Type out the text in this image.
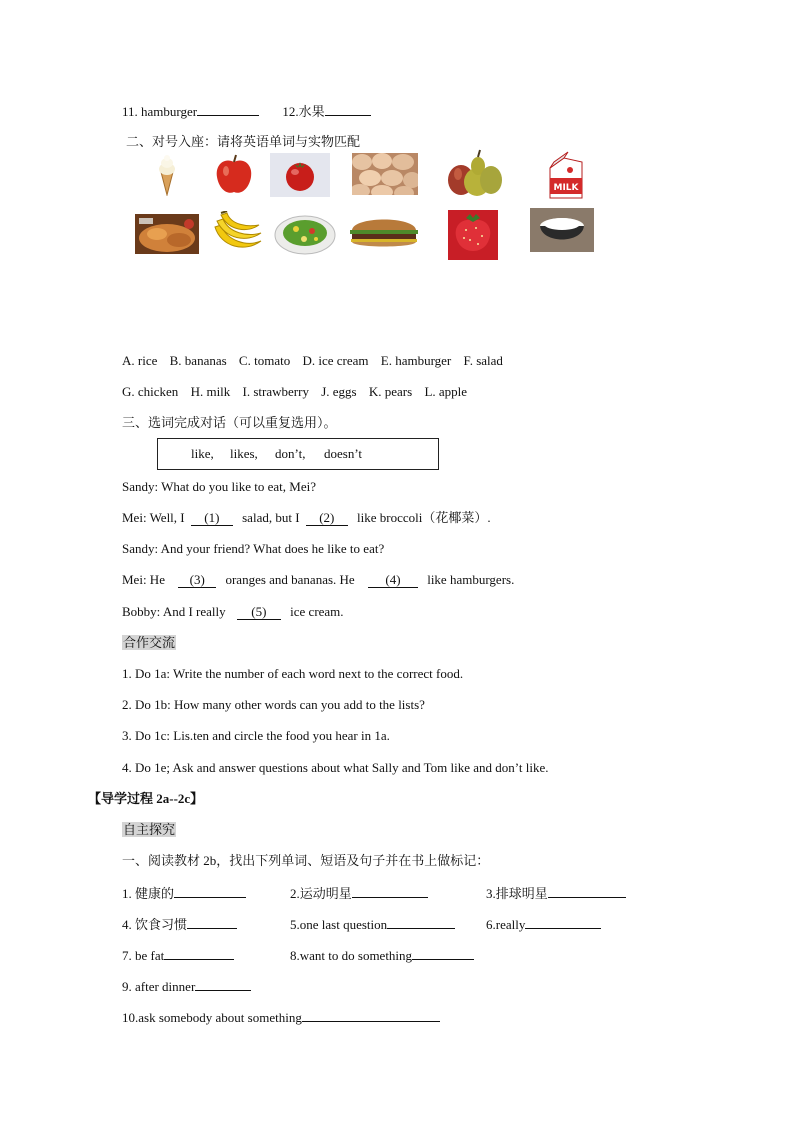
11. hamburger	12.水果
二、对号入座：请将英语单词与实物匹配
MILK
A. rice B. bananas C. tomato D. ice cream E. hamburger F. salad
G. chicken H. milk I. strawberry J. eggs K. pears L. apple
三、选词完成对话（可以重复选用）。
like, likes, don’t, doesn’t
Sandy: What do you like to eat, Mei?
Mei: Well, I (1) salad, but I (2) like broccoli（花椰菜）.
Sandy: And your friend? What does he like to eat?
Mei: He (3) oranges and bananas. He (4) like hamburgers.
Bobby: And I really (5) ice cream.
合作交流
1. Do 1a: Write the number of each word next to the correct food.
2. Do 1b: How many other words can you add to the lists?
3. Do 1c: Lis.ten and circle the food you hear in 1a.
4. Do 1e; Ask and answer questions about what Sally and Tom like and don’t like.
【导学过程 2a--2c】
自主探究
一、阅读教材 2b，找出下列单词、短语及句子并在书上做标记：
1. 健康的	2.运动明星	3.排球明星
4. 饮食习惯	5.one last question	6.really
7. be fat	8.want to do something
9. after dinner
10.ask somebody about something
